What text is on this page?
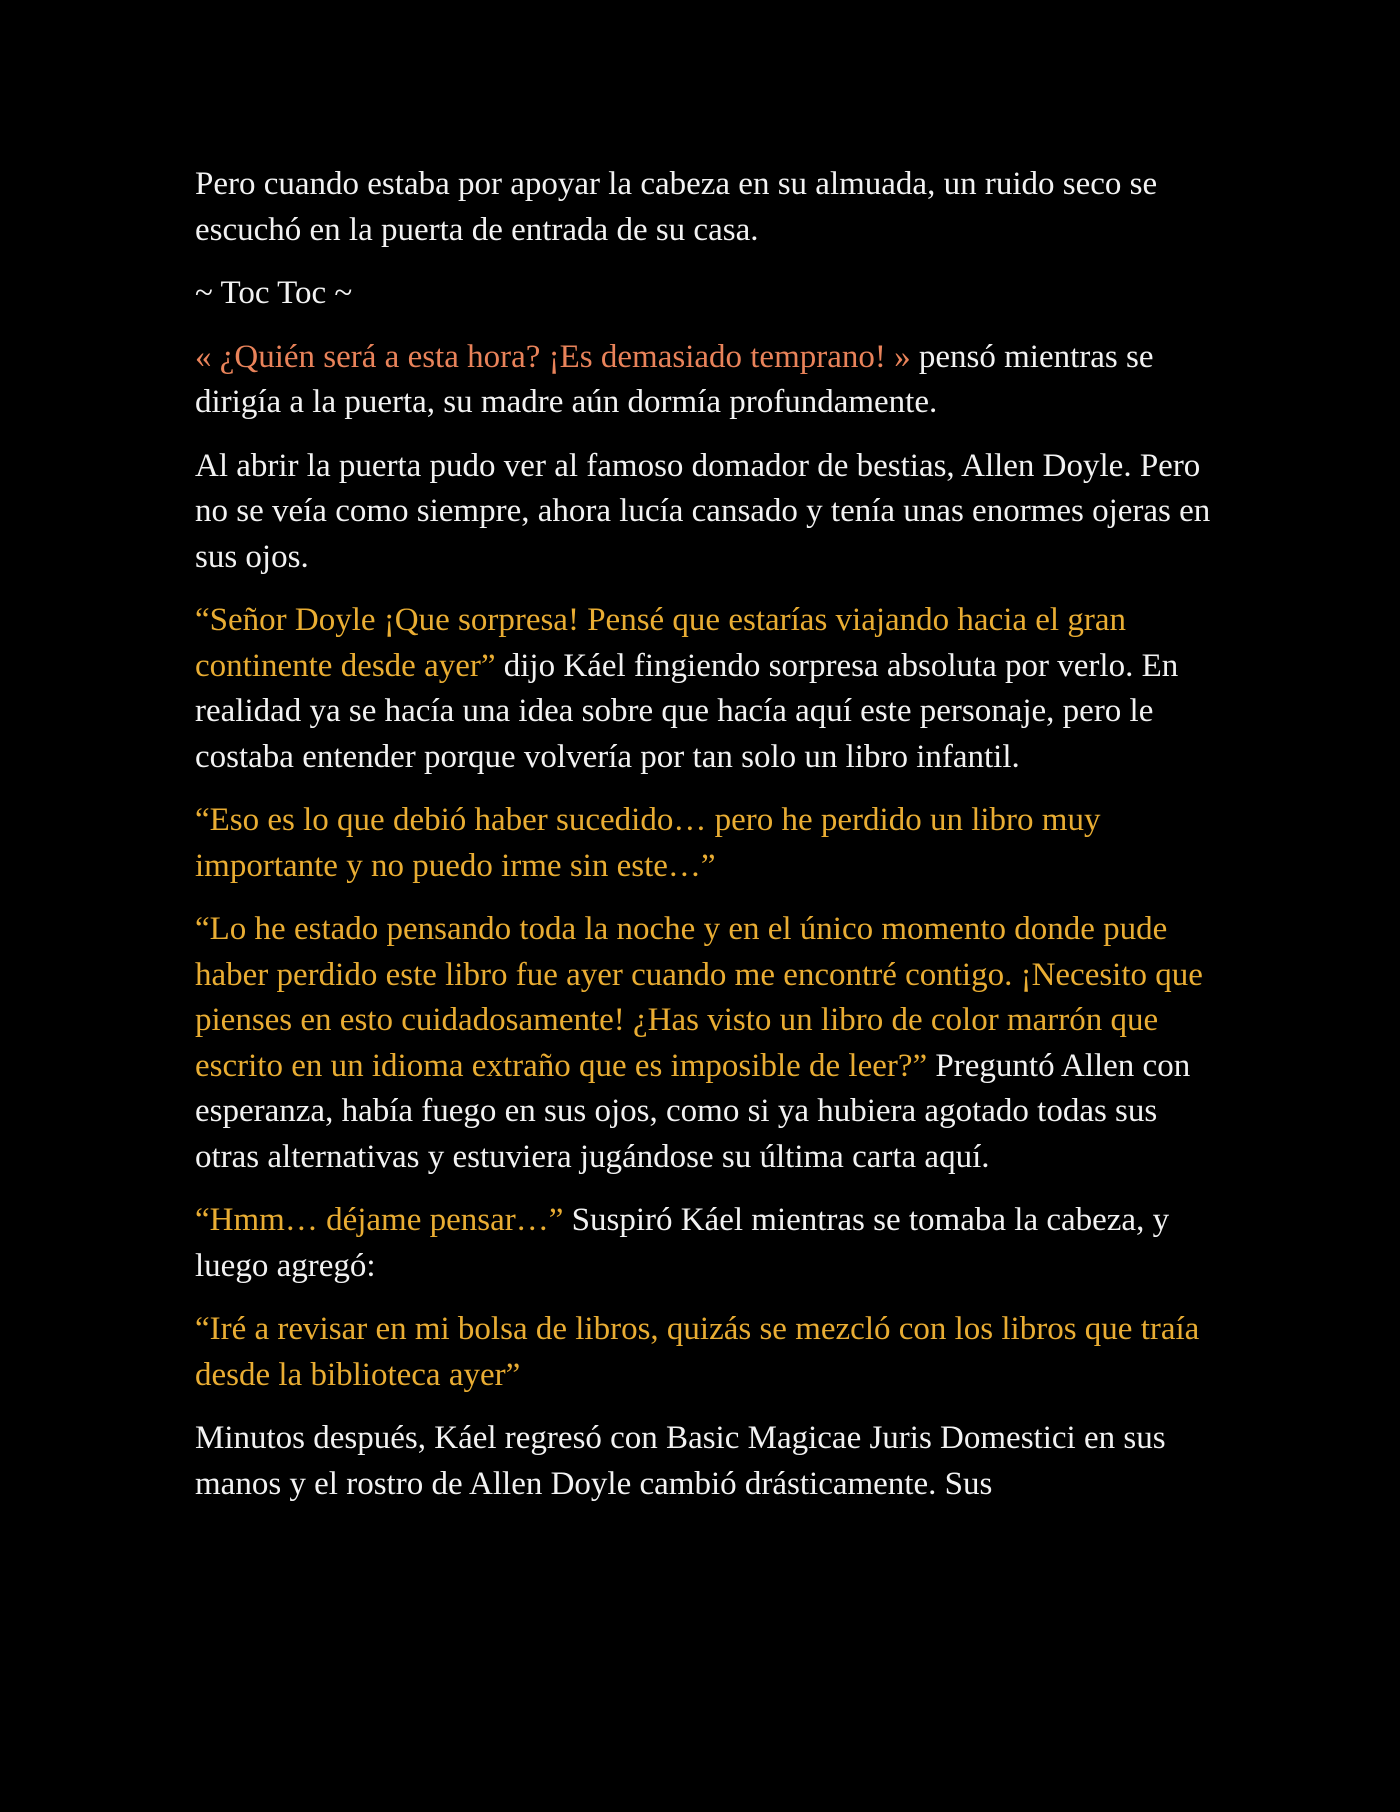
Pero cuando estaba por apoyar la cabeza en su almuada, un ruido seco se escuchó en la puerta de entrada de su casa.

~ Toc Toc ~

« ¿Quién será a esta hora? ¡Es demasiado temprano! » pensó mientras se dirigía a la puerta, su madre aún dormía profundamente.

Al abrir la puerta pudo ver al famoso domador de bestias, Allen Doyle. Pero no se veía como siempre, ahora lucía cansado y tenía unas enormes ojeras en sus ojos.

“Señor Doyle ¡Que sorpresa! Pensé que estarías viajando hacia el gran continente desde ayer” dijo Káel fingiendo sorpresa absoluta por verlo. En realidad ya se hacía una idea sobre que hacía aquí este personaje, pero le costaba entender porque volvería por tan solo un libro infantil.

“Eso es lo que debió haber sucedido… pero he perdido un libro muy importante y no puedo irme sin este…”

“Lo he estado pensando toda la noche y en el único momento donde pude haber perdido este libro fue ayer cuando me encontré contigo. ¡Necesito que pienses en esto cuidadosamente! ¿Has visto un libro de color marrón que escrito en un idioma extraño que es imposible de leer?” Preguntó Allen con esperanza, había fuego en sus ojos, como si ya hubiera agotado todas sus otras alternativas y estuviera jugándose su última carta aquí.

“Hmm… déjame pensar…” Suspiró Káel mientras se tomaba la cabeza, y luego agregó:

“Iré a revisar en mi bolsa de libros, quizás se mezcló con los libros que traía desde la biblioteca ayer”

Minutos después, Káel regresó con Basic Magicae Juris Domestici en sus manos y el rostro de Allen Doyle cambió drásticamente. Sus
